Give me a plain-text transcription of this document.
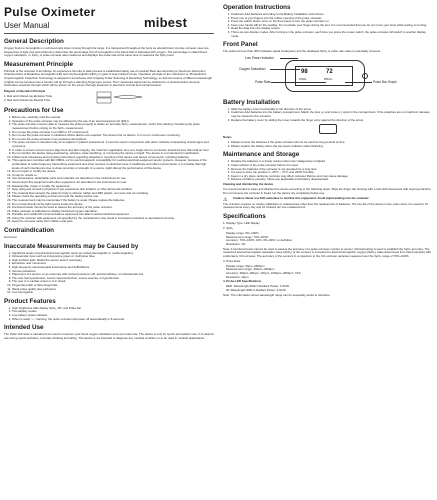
Pulse Oximeter
User Manual
General Description

Oxygen binds to hemoglobin in red blood cells when moving through the lungs. It is transported throughout the body as arterial blood. A pulse oximeter uses two frequencies of light (red and infrared) to determine the percentage (%) of hemoglobin in the blood that is saturated with oxygen. The percentage is called blood oxygen saturation, or SpO₂. A pulse oximeter also measures and displays the pulse rate at the same time it measures the SpO₂ level.

Measurement Principle

Principle of the oximeter is as follows: An experience formula of data process is established taking use of Lambert Beer law according to Spectrum Absorption Characteristics of Reductive hemoglobin (Hb) and Oxyhemoglobin (HbO₂) in glow & near-infrared zones. Operation principle of the instrument is: Photoelectric Oxyhemoglobin Inspection Technology is adopted in accordance with Capacity Pulse Scanning & Recording Technology, so that two beams of different wavelength of lights can be focused onto a human nail tip through a clamping finger-type sensor. Then measured signal can be obtained by a photosensitive element, information acquired through which will be shown on the screen through treatment in electronic circuits and microprocessor.

Diagram of Operation Principle
1. Red and Infrared-ray Emission Tube
2. Red and Infrared-ray Receipt Tube
Precautions for Use
1. Before use, carefully read the manual.
2. Operation of the pulse oximeter may be affected by the use of an electrosurgical unit (ESU).
3. The pulse oximeter must be able to measure the pulse properly to obtain an accurate SpO₂ measurement. Verify that nothing is hindering the pulse measurement before relying on the SpO₂ measurement.
4. Do not use the pulse oximeter in an MRI or CT environment.
5. Do not use the pulse oximeter in situations where alarms are required. The device has no alarms. It is not for continuous monitoring.
6. Do not use the pulse oximeter in an explosive atmosphere.
7. The pulse oximeter is intended only as an adjunct in patient assessment. It must be used in conjunction with other methods of assessing clinical signs and symptoms.
8. In order to ensure correct sensor alignment and skin integrity, the maximum application time at a single site for our device should be less than half an hour.
9. Do not sterilize the device using autoclaving, ethylene oxide sterilizing, or immersing the device in liquid. The device is not intended for sterilization.
10. Follow local ordinances and recycling instructions regarding disposal or recycling of the device and device components, including batteries.
11. This equipment complies with IEC 60601-1-2 for electromagnetic compatibility for medical electrical equipment and/or systems. However, because of the proliferation of radio-frequency transmitting equipment and other sources of electrical noise in healthcare and other environments, it is possible that high levels of such interference due to close proximity or strength of a source might disrupt the performance of this device.
12. Do not repair or modify the device.
13. It may be unsafe to:
14. Use accessories, detachable parts and materials not described in the instructions for use.
15. Interconnect this equipment with other equipment not described in the instructions for use.
16. Disassemble, repair or modify the equipment.
17. Stop using and consult a physician if you experience skin irritation or other abnormal condition.
18. The material that contacts the patient's body is silicone rubber and ABS plastic, non-toxic and non-irritating.
19. Please check the operating environment and the battery before use.
20. The measurement may be inaccurate if the battery is weak. Please replace the batteries.
21. Do not look directly at the light source inside the device.
22. Functional tester cannot be used to assess the accuracy of the pulse oximeter.
23. Pulse oximeter is calibrated to display functional oxygen saturation.
24. Portable and mobile RF communications equipment can affect medical electrical equipment.
25. Using the oximeter with equipment not specified by the manufacturer may result in increased emissions or decreased immunity.
26. Keep the oximeter away from children and pets.
Contraindication

Not found

Inaccurate Measurements may be Caused by
1. Significant levels of dysfunctional hemoglobin (such as carboxyhemoglobin or methemoglobin).
2. Intravascular dyes such as indocyanine green or methylene blue.
3. High ambient light. Shield the sensor area if necessary.
4. Excessive user movement.
5. High-frequency electrosurgical interference and defibrillators.
6. Venous pulsations.
7. Placement of a sensor on an extremity with a blood pressure cuff, arterial catheter, or intravascular line.
8. The user has hypotension, severe vasoconstriction, severe anemia, or hypothermia.
9. The user is in cardiac arrest or is in shock.
10. Fingernail polish or false fingernails.
11. Weak pulse quality (low perfusion).
12. Low hemoglobin.
Product Features
1. High brightness LED display SpO₂, PR, and Pulse bar.
2. Two display modes.
3. Low battery power indicator.
4. When it reads "---" warning, the pulse oximeter will power off automatically in 8 seconds.
Intended Use

The Pulse Oximeter is intended to be used to measure your blood oxygen saturation and your pulse rate. The device is only for sports and aviation use. It is ideal for use during sports activities, mountain climbing and skiing. The device is not intended to diagnose any medical condition or to be used in medical applications.

mibest
Operation Instructions
1. Install two AAA batteries according to the Battery Installation instructions.
2. Press one of your fingers into the rubber opening of the pulse oximeter.
3. Press the switch button once on the front panel to turn the pulse oximeter on.
4. Keep your hands still for the reading. Do not shake your finger during the test. It is recommended that you do not move your body while testing is running.
5. Read the data from the display screen.
6. There are two display modes. After turning on the pulse oximeter, each time you press the power switch, the pulse oximeter will switch to another display mode.
Front Panel

The pulse bar less than 30% indicates signal inadequacy and the displayed SpO₂ or pulse rate value is potentially incorrect.

98	72
%SpO₂	PRbpm
Low Power Indicator
Oxygen Saturation
Pulse Rate	Pulse Bar Graph
Battery Installation
1. Slide the battery cover horizontally in the direction of the arrow.
2. Install two AAA batteries into the battery compartment. Match the plus (+) and minus (-) signs in the compartment. If the polarities are not matched, damage may be caused to the oximeter.
3. Replace the battery cover by sliding the cover towards the finger entry against the direction of the arrow.

Notes:

1. Please remove the batteries if the pulse oximeter will not be used for long periods of time.
2. Please replace the battery when the low power indicator starts flickering.
Maintenance and Storage
1. Replace the batteries in a timely manner when low voltage lamp is lighted.
2. Clean surface of the pulse oximeter before it is used.
3. Remove the batteries if the oximeter is not operated for a long time.
4. It is best to store the product in -25°C ~ 70°C and ≤93% humidity.
5. Keep in a dry place. Extreme moisture may affect oximeter lifetime and may cause damage.
6. Dispose of battery properly; follow any applicable local battery disposal laws.

Cleaning and disinfecting the device

It is recommended to clean and disinfect the device according to the following steps. Wipe the finger clip housing with a soft cloth dampened with isopropyl alcohol. Do not immerse the oximeter in liquid. Let the device dry completely before use.

⚠	Caution: Never use EtO autoclave to sterilize this equipment. Avoid liquid leaking into the oximeter.

The oximeter requires no routine calibration or maintenance other than the replacement of batteries. The use life of the device is five years when it is used for 15 measurements every day and 10 minutes per one measurement.

Specifications

1. Display Type: LED display

2. SpO₂

Display range: 0%~100%
Measurement range: 70%~100%
Accuracy: 70%~100%: ±2%; 0%~69%: no definition
Resolution: 1%

Note: A functional tester cannot be used to assess the accuracy of a pulse oximeter monitor or sensor. Clinical testing is used to establish the SpO₂ accuracy. The measured arterial hemoglobin saturation value (SpO₂) of the sensors is compared to arterial hemoglobin oxygen (SaO₂) value determined from blood samples with a laboratory CO-oximeter. The accuracy of the sensors in comparison to the CO-oximeter samples measured over the SpO₂ range of 70%~100%.

3. Pulse Rate

Display range: 0bpm~250bpm
Measurement range: 30bpm~250bpm
Accuracy: 30bpm~99bpm: ±2bpm; 100bpm~250bpm: ±2%
Resolution: 1bpm

4. Probe LED Specifications

RED: Wavelength 660nm Radiant Power: 1.8mW
IR: Wavelength 905nm Radiant Power: 2.0mW

Note: The information about wavelength range can be especially useful to clinicians.
